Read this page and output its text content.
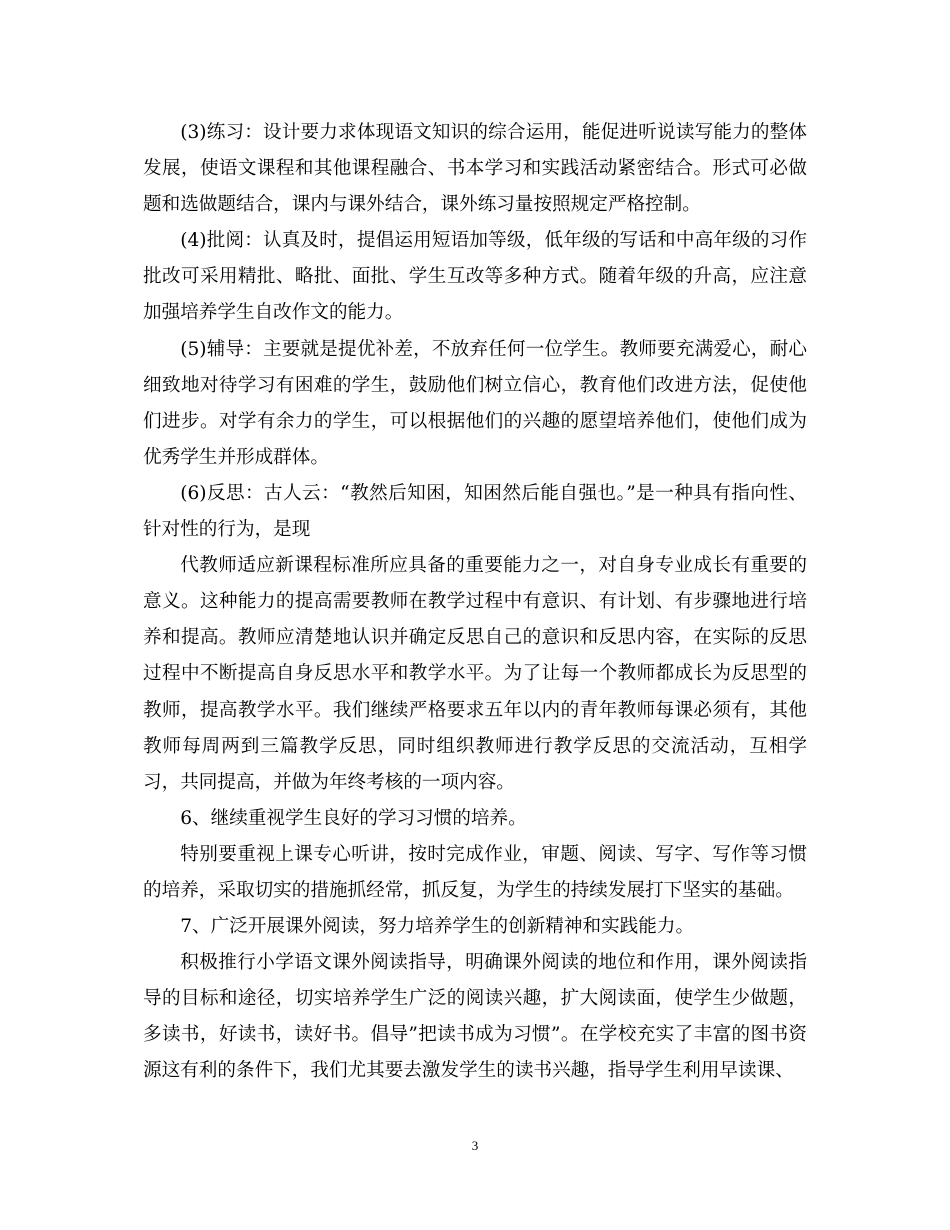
(3)练习：设计要力求体现语文知识的综合运用，能促进听说读写能力的整体发展，使语文课程和其他课程融合、书本学习和实践活动紧密结合。形式可必做题和选做题结合，课内与课外结合，课外练习量按照规定严格控制。

(4)批阅：认真及时，提倡运用短语加等级，低年级的写话和中高年级的习作批改可采用精批、略批、面批、学生互改等多种方式。随着年级的升高，应注意加强培养学生自改作文的能力。

(5)辅导：主要就是提优补差，不放弃任何一位学生。教师要充满爱心，耐心细致地对待学习有困难的学生，鼓励他们树立信心，教育他们改进方法，促使他们进步。对学有余力的学生，可以根据他们的兴趣的愿望培养他们，使他们成为优秀学生并形成群体。

(6)反思：古人云：“教然后知困，知困然后能自强也。”是一种具有指向性、针对性的行为，是现

代教师适应新课程标准所应具备的重要能力之一，对自身专业成长有重要的意义。这种能力的提高需要教师在教学过程中有意识、有计划、有步骤地进行培养和提高。教师应清楚地认识并确定反思自己的意识和反思内容，在实际的反思过程中不断提高自身反思水平和教学水平。为了让每一个教师都成长为反思型的教师，提高教学水平。我们继续严格要求五年以内的青年教师每课必须有，其他教师每周两到三篇教学反思，同时组织教师进行教学反思的交流活动，互相学习，共同提高，并做为年终考核的一项内容。

6、继续重视学生良好的学习习惯的培养。

特别要重视上课专心听讲，按时完成作业，审题、阅读、写字、写作等习惯的培养，采取切实的措施抓经常，抓反复，为学生的持续发展打下坚实的基础。

7、广泛开展课外阅读，努力培养学生的创新精神和实践能力。

积极推行小学语文课外阅读指导，明确课外阅读的地位和作用，课外阅读指导的目标和途径，切实培养学生广泛的阅读兴趣，扩大阅读面，使学生少做题，多读书，好读书，读好书。倡导”把读书成为习惯”。在学校充实了丰富的图书资源这有利的条件下，我们尤其要去激发学生的读书兴趣，指导学生利用早读课、

3
